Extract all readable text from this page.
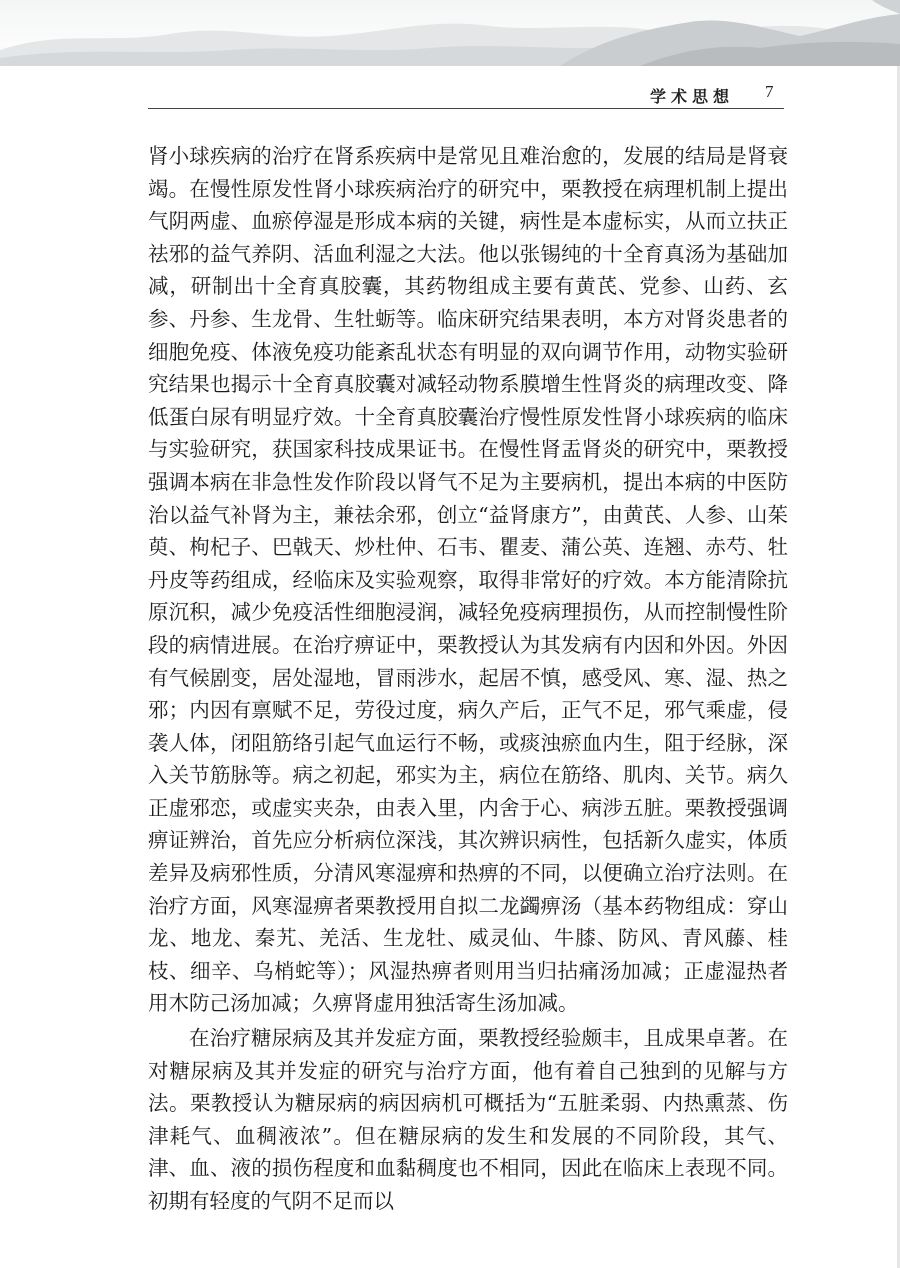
学术思想 7

肾小球疾病的治疗在肾系疾病中是常见且难治愈的，发展的结局是肾衰竭。在慢性原发性肾小球疾病治疗的研究中，栗教授在病理机制上提出气阴两虚、血瘀停湿是形成本病的关键，病性是本虚标实，从而立扶正祛邪的益气养阴、活血利湿之大法。他以张锡纯的十全育真汤为基础加减，研制出十全育真胶囊，其药物组成主要有黄芪、党参、山药、玄参、丹参、生龙骨、生牡蛎等。临床研究结果表明，本方对肾炎患者的细胞免疫、体液免疫功能紊乱状态有明显的双向调节作用，动物实验研究结果也揭示十全育真胶囊对减轻动物系膜增生性肾炎的病理改变、降低蛋白尿有明显疗效。十全育真胶囊治疗慢性原发性肾小球疾病的临床与实验研究，获国家科技成果证书。在慢性肾盂肾炎的研究中，栗教授强调本病在非急性发作阶段以肾气不足为主要病机，提出本病的中医防治以益气补肾为主，兼祛余邪，创立“益肾康方”，由黄芪、人参、山茱萸、枸杞子、巴戟天、炒杜仲、石韦、瞿麦、蒲公英、连翘、赤芍、牡丹皮等药组成，经临床及实验观察，取得非常好的疗效。本方能清除抗原沉积，减少免疫活性细胞浸润，减轻免疫病理损伤，从而控制慢性阶段的病情进展。在治疗痹证中，栗教授认为其发病有内因和外因。外因有气候剧变，居处湿地，冒雨涉水，起居不慎，感受风、寒、湿、热之邪；内因有禀赋不足，劳役过度，病久产后，正气不足，邪气乘虚，侵袭人体，闭阻筋络引起气血运行不畅，或痰浊瘀血内生，阻于经脉，深入关节筋脉等。病之初起，邪实为主，病位在筋络、肌肉、关节。病久正虚邪恋，或虚实夹杂，由表入里，内舍于心、病涉五脏。栗教授强调痹证辨治，首先应分析病位深浅，其次辨识病性，包括新久虚实，体质差异及病邪性质，分清风寒湿痹和热痹的不同，以便确立治疗法则。在治疗方面，风寒湿痹者栗教授用自拟二龙蠲痹汤（基本药物组成：穿山龙、地龙、秦艽、羌活、生龙牡、威灵仙、牛膝、防风、青风藤、桂枝、细辛、乌梢蛇等）；风湿热痹者则用当归拈痛汤加减；正虚湿热者用木防己汤加减；久痹肾虚用独活寄生汤加减。

在治疗糖尿病及其并发症方面，栗教授经验颇丰，且成果卓著。在对糖尿病及其并发症的研究与治疗方面，他有着自己独到的见解与方法。栗教授认为糖尿病的病因病机可概括为“五脏柔弱、内热熏蒸、伤津耗气、血稠液浓”。但在糖尿病的发生和发展的不同阶段，其气、津、血、液的损伤程度和血黏稠度也不相同，因此在临床上表现不同。初期有轻度的气阴不足而以
